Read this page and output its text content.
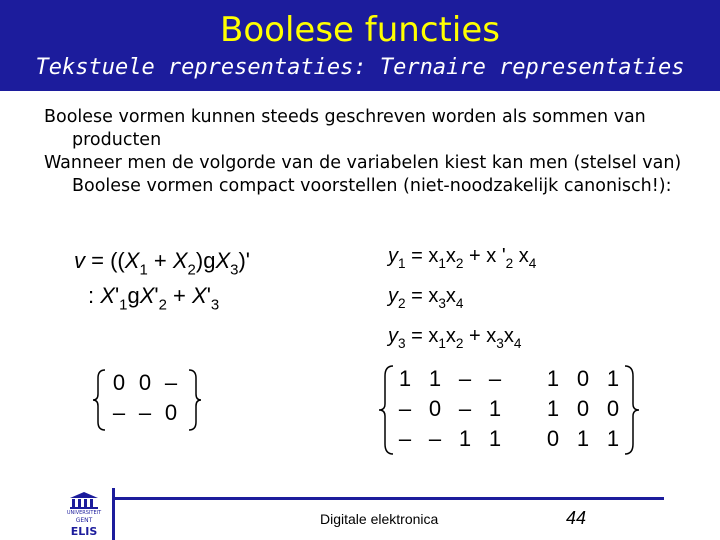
Boolese functies
Tekstuele representaties: Ternaire representaties

Boolese vormen kunnen steeds geschreven worden als sommen van producten

Wanneer men de volgorde van de variabelen kiest kan men (stelsel van) Boolese vormen compact voorstellen (niet-noodzakelijk canonisch!):

$v = ((X_1 + X_2)gX_3)'$
: $X'_1gX'_2 + X'_3$
$y_1 = x_1x_2 + x$ '$_2$ $x_4$
$y_2 = x_3x_4$
$y_3 = x_1x_2 + x_3x_4$
0 0 –
– – 0
1 1 – –
– 0 – 1
– – 1 1
1 0 1
1 0 0
0 1 1
UNIVERSITEIT
GENT
ELIS
Digitale elektronica	44
